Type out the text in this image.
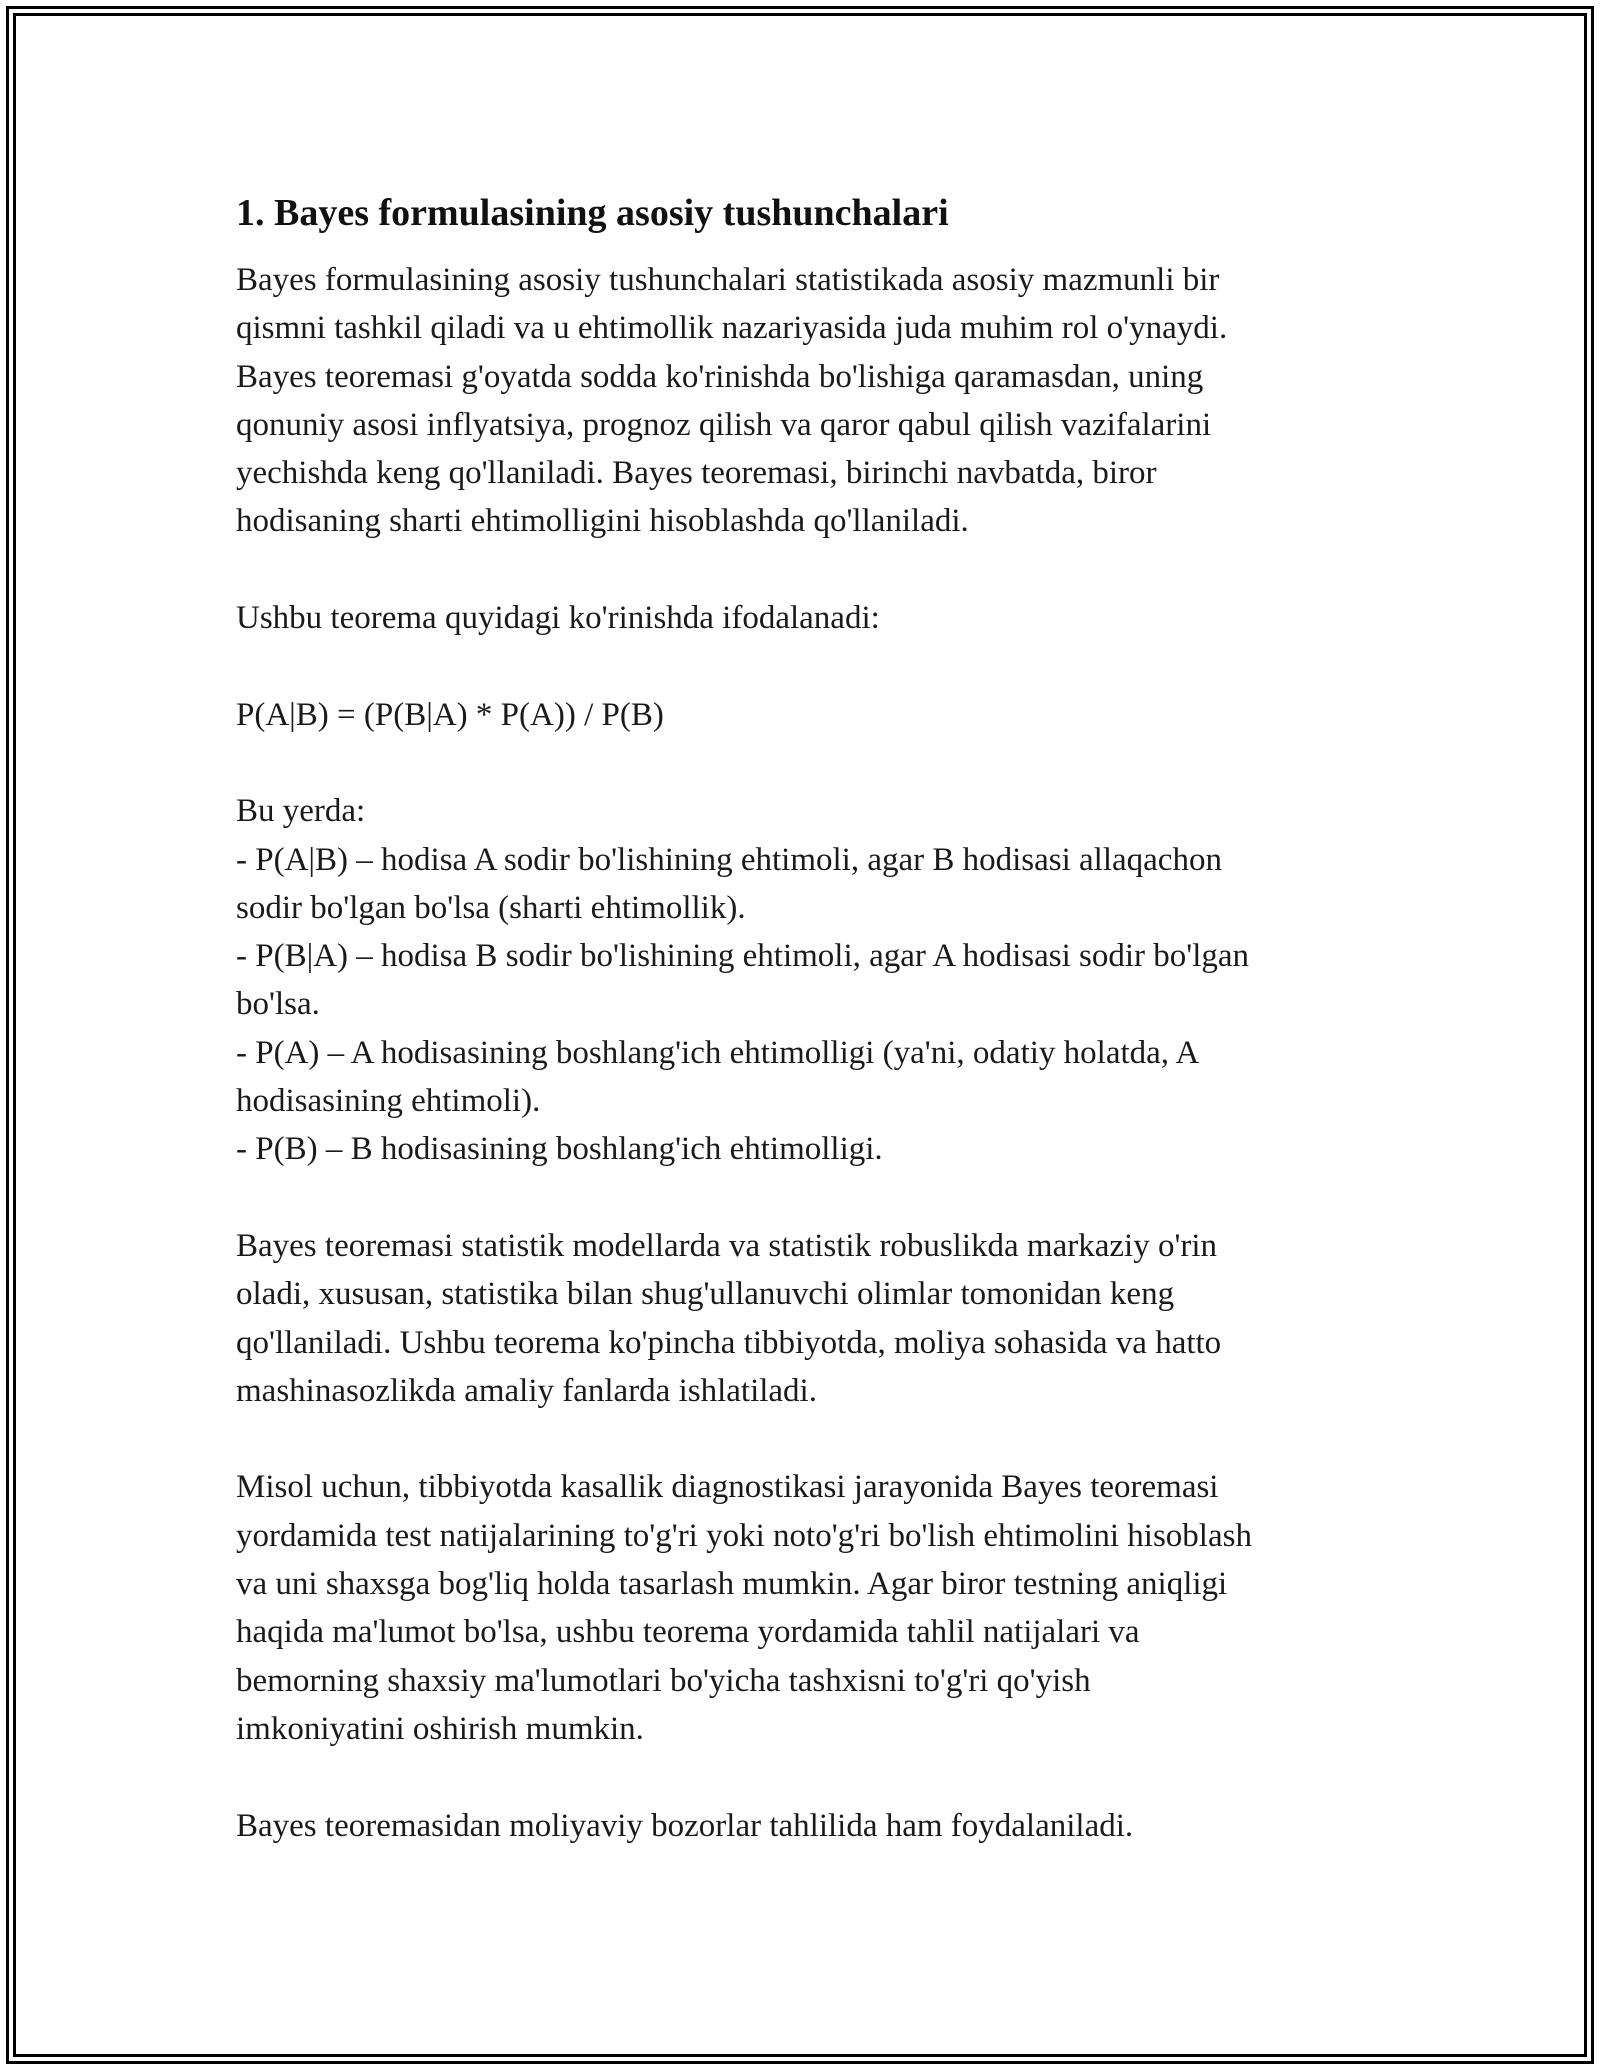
1. Bayes formulasining asosiy tushunchalari

Bayes formulasining asosiy tushunchalari statistikada asosiy mazmunli bir

qismni tashkil qiladi va u ehtimollik nazariyasida juda muhim rol o'ynaydi.

Bayes teoremasi g'oyatda sodda ko'rinishda bo'lishiga qaramasdan, uning

qonuniy asosi inflyatsiya, prognoz qilish va qaror qabul qilish vazifalarini

yechishda keng qo'llaniladi. Bayes teoremasi, birinchi navbatda, biror

hodisaning sharti ehtimolligini hisoblashda qo'llaniladi.

Ushbu teorema quyidagi ko'rinishda ifodalanadi:

P(A|B) = (P(B|A) * P(A)) / P(B)

Bu yerda:

- P(A|B) – hodisa A sodir bo'lishining ehtimoli, agar B hodisasi allaqachon

sodir bo'lgan bo'lsa (sharti ehtimollik).

- P(B|A) – hodisa B sodir bo'lishining ehtimoli, agar A hodisasi sodir bo'lgan

bo'lsa.

- P(A) – A hodisasining boshlang'ich ehtimolligi (ya'ni, odatiy holatda, A

hodisasining ehtimoli).

- P(B) – B hodisasining boshlang'ich ehtimolligi.

Bayes teoremasi statistik modellarda va statistik robuslikda markaziy o'rin

oladi, xususan, statistika bilan shug'ullanuvchi olimlar tomonidan keng

qo'llaniladi. Ushbu teorema ko'pincha tibbiyotda, moliya sohasida va hatto

mashinasozlikda amaliy fanlarda ishlatiladi.

Misol uchun, tibbiyotda kasallik diagnostikasi jarayonida Bayes teoremasi

yordamida test natijalarining to'g'ri yoki noto'g'ri bo'lish ehtimolini hisoblash

va uni shaxsga bog'liq holda tasarlash mumkin. Agar biror testning aniqligi

haqida ma'lumot bo'lsa, ushbu teorema yordamida tahlil natijalari va

bemorning shaxsiy ma'lumotlari bo'yicha tashxisni to'g'ri qo'yish

imkoniyatini oshirish mumkin.

Bayes teoremasidan moliyaviy bozorlar tahlilida ham foydalaniladi.
